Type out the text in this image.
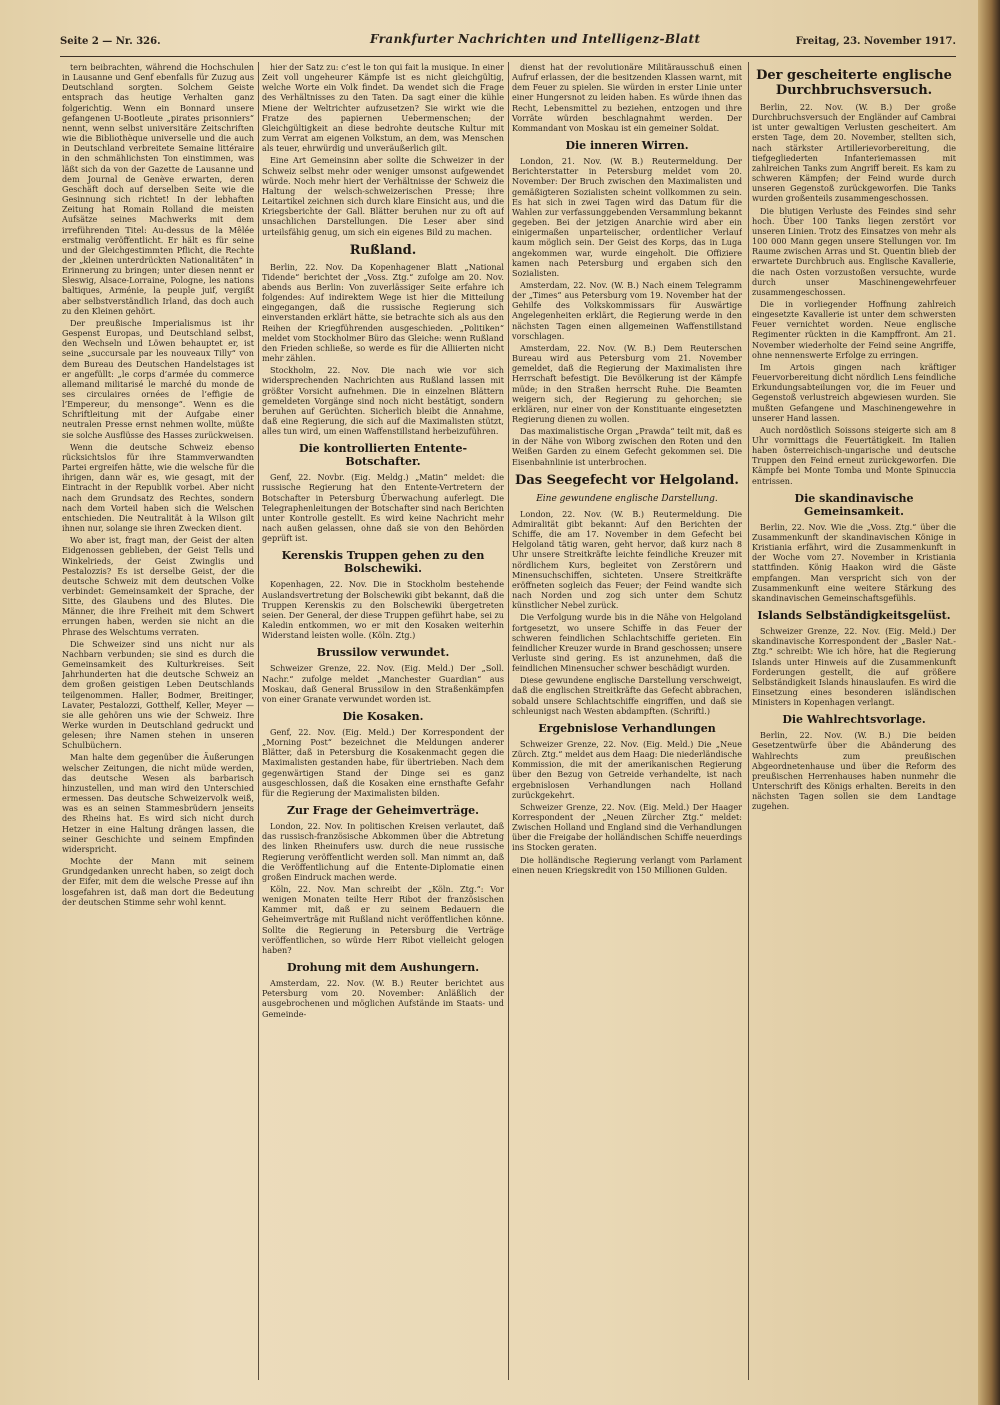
Seite 2 — Nr. 326.	Frankfurter Nachrichten und Intelligenz-Blatt	Freitag, 23. November 1917.

tern beibrachten, während die Hochschulen in Lausanne und Genf ebenfalls für Zuzug aus Deutschland sorgten. Solchem Geiste entsprach das heutige Verhalten ganz folgerichtig. Wenn ein Bonnard unsere gefangenen U-Bootleute „pirates prisonniers“ nennt, wenn selbst universitäre Zeitschriften wie die Bibliothèque universelle und die auch in Deutschland verbreitete Semaine littéraire in den schmählichsten Ton einstimmen, was läßt sich da von der Gazette de Lausanne und dem Journal de Genève erwarten, deren Geschäft doch auf derselben Seite wie die Gesinnung sich richtet! In der lebhaften Zeitung hat Romain Rolland die meisten Aufsätze seines Machwerks mit dem irreführenden Titel: Au-dessus de la Mêlée erstmalig veröffentlicht. Er hält es für seine und der Gleichgestimmten Pflicht, die Rechte der „kleinen unterdrückten Nationalitäten“ in Erinnerung zu bringen; unter diesen nennt er Sleswig, Alsace-Lorraine, Pologne, les nations baltiques, Arménie, la peuple juif, vergißt aber selbstverständlich Irland, das doch auch zu den Kleinen gehört.

Der preußische Imperialismus ist ihr Gespenst Europas, und Deutschland selbst, den Wechseln und Löwen behauptet er, ist seine „succursale par les nouveaux Tilly“ von dem Bureau des Deutschen Handelstages ist er angefüllt: „le corps d’armée du commerce allemand militarisé le marché du monde de ses circulaires ornées de l’effigie de l’Empereur, du mensonge“. Wenn es die Schriftleitung mit der Aufgabe einer neutralen Presse ernst nehmen wollte, müßte sie solche Ausflüsse des Hasses zurückweisen.

Wenn die deutsche Schweiz ebenso rücksichtslos für ihre Stammverwandten Partei ergreifen hätte, wie die welsche für die ihrigen, dann wär es, wie gesagt, mit der Eintracht in der Republik vorbei. Aber nicht nach dem Grundsatz des Rechtes, sondern nach dem Vorteil haben sich die Welschen entschieden. Die Neutralität à la Wilson gilt ihnen nur, solange sie ihren Zwecken dient.

Wo aber ist, fragt man, der Geist der alten Eidgenossen geblieben, der Geist Tells und Winkelrieds, der Geist Zwinglis und Pestalozzis? Es ist derselbe Geist, der die deutsche Schweiz mit dem deutschen Volke verbindet: Gemeinsamkeit der Sprache, der Sitte, des Glaubens und des Blutes. Die Männer, die ihre Freiheit mit dem Schwert errungen haben, werden sie nicht an die Phrase des Welschtums verraten.

Die Schweizer sind uns nicht nur als Nachbarn verbunden; sie sind es durch die Gemeinsamkeit des Kulturkreises. Seit Jahrhunderten hat die deutsche Schweiz an dem großen geistigen Leben Deutschlands teilgenommen. Haller, Bodmer, Breitinger, Lavater, Pestalozzi, Gotthelf, Keller, Meyer — sie alle gehören uns wie der Schweiz. Ihre Werke wurden in Deutschland gedruckt und gelesen; ihre Namen stehen in unseren Schulbüchern.

Man halte dem gegenüber die Äußerungen welscher Zeitungen, die nicht müde werden, das deutsche Wesen als barbarisch hinzustellen, und man wird den Unterschied ermessen. Das deutsche Schweizervolk weiß, was es an seinen Stammesbrüdern jenseits des Rheins hat. Es wird sich nicht durch Hetzer in eine Haltung drängen lassen, die seiner Geschichte und seinem Empfinden widerspricht.

Mochte der Mann mit seinem Grundgedanken unrecht haben, so zeigt doch der Eifer, mit dem die welsche Presse auf ihn losgefahren ist, daß man dort die Bedeutung der deutschen Stimme sehr wohl kennt.

hier der Satz zu: c’est le ton qui fait la musique. In einer Zeit voll ungeheurer Kämpfe ist es nicht gleichgültig, welche Worte ein Volk findet. Da wendet sich die Frage des Verhältnisses zu den Taten. Da sagt einer die kühle Miene der Weltrichter aufzusetzen? Sie wirkt wie die Fratze des papiernen Uebermenschen; der Gleichgültigkeit an diese bedrohte deutsche Kultur mit zum Verrat am eigenen Volkstum, an dem, was Menschen als teuer, ehrwürdig und unveräußerlich gilt.

Eine Art Gemeinsinn aber sollte die Schweizer in der Schweiz selbst mehr oder weniger umsonst aufgewendet würde. Noch mehr hiert der Verhältnisse der Schweiz die Haltung der welsch-schweizerischen Presse; ihre Leitartikel zeichnen sich durch klare Einsicht aus, und die Kriegsberichte der Gall. Blätter beruhen nur zu oft auf unsachlichen Darstellungen. Die Leser aber sind urteilsfähig genug, um sich ein eigenes Bild zu machen.

Rußland.

Berlin, 22. Nov. Da Kopenhagener Blatt „National Tidende“ berichtet der „Voss. Ztg.“ zufolge am 20. Nov. abends aus Berlin: Von zuverlässiger Seite erfahre ich folgendes: Auf indirektem Wege ist hier die Mitteilung eingegangen, daß die russische Regierung sich einverstanden erklärt hätte, sie betrachte sich als aus den Reihen der Kriegführenden ausgeschieden. „Politiken“ meldet vom Stockholmer Büro das Gleiche: wenn Rußland den Frieden schließe, so werde es für die Alliierten nicht mehr zählen.

Stockholm, 22. Nov. Die nach wie vor sich widersprechenden Nachrichten aus Rußland lassen mit größter Vorsicht aufnehmen. Die in einzelnen Blättern gemeldeten Vorgänge sind noch nicht bestätigt, sondern beruhen auf Gerüchten. Sicherlich bleibt die Annahme, daß eine Regierung, die sich auf die Maximalisten stützt, alles tun wird, um einen Waffenstillstand herbeizuführen.

Die kontrollierten Entente-Botschafter.

Genf, 22. Novbr. (Eig. Meldg.) „Matin“ meldet: die russische Regierung hat den Entente-Vertretern der Botschafter in Petersburg Überwachung auferlegt. Die Telegraphenleitungen der Botschafter sind nach Berichten unter Kontrolle gestellt. Es wird keine Nachricht mehr nach außen gelassen, ohne daß sie von den Behörden geprüft ist.

Kerenskis Truppen gehen zu den Bolschewiki.

Kopenhagen, 22. Nov. Die in Stockholm bestehende Auslandsvertretung der Bolschewiki gibt bekannt, daß die Truppen Kerenskis zu den Bolschewiki übergetreten seien. Der General, der diese Truppen geführt habe, sei zu Kaledin entkommen, wo er mit den Kosaken weiterhin Widerstand leisten wolle. (Köln. Ztg.)

Brussilow verwundet.

Schweizer Grenze, 22. Nov. (Eig. Meld.) Der „Soll. Nachr.“ zufolge meldet „Manchester Guardian“ aus Moskau, daß General Brussilow in den Straßenkämpfen von einer Granate verwundet worden ist.

Die Kosaken.

Genf, 22. Nov. (Eig. Meld.) Der Korrespondent der „Morning Post“ bezeichnet die Meldungen anderer Blätter, daß in Petersburg die Kosakenmacht gegen die Maximalisten gestanden habe, für übertrieben. Nach dem gegenwärtigen Stand der Dinge sei es ganz ausgeschlossen, daß die Kosaken eine ernsthafte Gefahr für die Regierung der Maximalisten bilden.

Zur Frage der Geheimverträge.

London, 22. Nov. In politischen Kreisen verlautet, daß das russisch-französische Abkommen über die Abtretung des linken Rheinufers usw. durch die neue russische Regierung veröffentlicht werden soll. Man nimmt an, daß die Veröffentlichung auf die Entente-Diplomatie einen großen Eindruck machen werde.

Köln, 22. Nov. Man schreibt der „Köln. Ztg.“: Vor wenigen Monaten teilte Herr Ribot der französischen Kammer mit, daß er zu seinem Bedauern die Geheimverträge mit Rußland nicht veröffentlichen könne. Sollte die Regierung in Petersburg die Verträge veröffentlichen, so würde Herr Ribot vielleicht gelogen haben?

Drohung mit dem Aushungern.

Amsterdam, 22. Nov. (W. B.) Reuter berichtet aus Petersburg vom 20. November: Anläßlich der ausgebrochenen und möglichen Aufstände im Staats- und Gemeinde-

dienst hat der revolutionäre Militärausschuß einen Aufruf erlassen, der die besitzenden Klassen warnt, mit dem Feuer zu spielen. Sie würden in erster Linie unter einer Hungersnot zu leiden haben. Es würde ihnen das Recht, Lebensmittel zu beziehen, entzogen und ihre Vorräte würden beschlagnahmt werden. Der Kommandant von Moskau ist ein gemeiner Soldat.

Die inneren Wirren.

London, 21. Nov. (W. B.) Reutermeldung. Der Berichterstatter in Petersburg meldet vom 20. November: Der Bruch zwischen den Maximalisten und gemäßigteren Sozialisten scheint vollkommen zu sein. Es hat sich in zwei Tagen wird das Datum für die Wahlen zur verfassunggebenden Versammlung bekannt gegeben. Bei der jetzigen Anarchie wird aber ein einigermaßen unparteiischer, ordentlicher Verlauf kaum möglich sein. Der Geist des Korps, das in Luga angekommen war, wurde eingeholt. Die Offiziere kamen nach Petersburg und ergaben sich den Sozialisten.

Amsterdam, 22. Nov. (W. B.) Nach einem Telegramm der „Times“ aus Petersburg vom 19. November hat der Gehilfe des Volkskommissars für Auswärtige Angelegenheiten erklärt, die Regierung werde in den nächsten Tagen einen allgemeinen Waffenstillstand vorschlagen.

Amsterdam, 22. Nov. (W. B.) Dem Reuterschen Bureau wird aus Petersburg vom 21. November gemeldet, daß die Regierung der Maximalisten ihre Herrschaft befestigt. Die Bevölkerung ist der Kämpfe müde; in den Straßen herrscht Ruhe. Die Beamten weigern sich, der Regierung zu gehorchen; sie erklären, nur einer von der Konstituante eingesetzten Regierung dienen zu wollen.

Das maximalistische Organ „Prawda“ teilt mit, daß es in der Nähe von Wiborg zwischen den Roten und den Weißen Garden zu einem Gefecht gekommen sei. Die Eisenbahnlinie ist unterbrochen.

Das Seegefecht vor Helgoland.
Eine gewundene englische Darstellung.

London, 22. Nov. (W. B.) Reutermeldung. Die Admiralität gibt bekannt: Auf den Berichten der Schiffe, die am 17. November in dem Gefecht bei Helgoland tätig waren, geht hervor, daß kurz nach 8 Uhr unsere Streitkräfte leichte feindliche Kreuzer mit nördlichem Kurs, begleitet von Zerstörern und Minensuchschiffen, sichteten. Unsere Streitkräfte eröffneten sogleich das Feuer; der Feind wandte sich nach Norden und zog sich unter dem Schutz künstlicher Nebel zurück.

Die Verfolgung wurde bis in die Nähe von Helgoland fortgesetzt, wo unsere Schiffe in das Feuer der schweren feindlichen Schlachtschiffe gerieten. Ein feindlicher Kreuzer wurde in Brand geschossen; unsere Verluste sind gering. Es ist anzunehmen, daß die feindlichen Minensucher schwer beschädigt wurden.

Diese gewundene englische Darstellung verschweigt, daß die englischen Streitkräfte das Gefecht abbrachen, sobald unsere Schlachtschiffe eingriffen, und daß sie schleunigst nach Westen abdampften. (Schriftl.)

Ergebnislose Verhandlungen

Schweizer Grenze, 22. Nov. (Eig. Meld.) Die „Neue Zürch. Ztg.“ meldet aus dem Haag: Die niederländische Kommission, die mit der amerikanischen Regierung über den Bezug von Getreide verhandelte, ist nach ergebnislosen Verhandlungen nach Holland zurückgekehrt.

Schweizer Grenze, 22. Nov. (Eig. Meld.) Der Haager Korrespondent der „Neuen Zürcher Ztg.“ meldet: Zwischen Holland und England sind die Verhandlungen über die Freigabe der holländischen Schiffe neuerdings ins Stocken geraten.

Die holländische Regierung verlangt vom Parlament einen neuen Kriegskredit von 150 Millionen Gulden.

Der gescheiterte englische Durchbruchsversuch.

Berlin, 22. Nov. (W. B.) Der große Durchbruchsversuch der Engländer auf Cambrai ist unter gewaltigen Verlusten gescheitert. Am ersten Tage, dem 20. November, stellten sich, nach stärkster Artillerievorbereitung, die tiefgegliederten Infanteriemassen mit zahlreichen Tanks zum Angriff bereit. Es kam zu schweren Kämpfen; der Feind wurde durch unseren Gegenstoß zurückgeworfen. Die Tanks wurden großenteils zusammengeschossen.

Die blutigen Verluste des Feindes sind sehr hoch. Über 100 Tanks liegen zerstört vor unseren Linien. Trotz des Einsatzes von mehr als 100 000 Mann gegen unsere Stellungen vor. Im Raume zwischen Arras und St. Quentin blieb der erwartete Durchbruch aus. Englische Kavallerie, die nach Osten vorzustoßen versuchte, wurde durch unser Maschinengewehrfeuer zusammengeschossen.

Die in vorliegender Hoffnung zahlreich eingesetzte Kavallerie ist unter dem schwersten Feuer vernichtet worden. Neue englische Regimenter rückten in die Kampffront. Am 21. November wiederholte der Feind seine Angriffe, ohne nennenswerte Erfolge zu erringen.

Im Artois gingen nach kräftiger Feuervorbereitung dicht nördlich Lens feindliche Erkundungsabteilungen vor, die im Feuer und Gegenstoß verlustreich abgewiesen wurden. Sie mußten Gefangene und Maschinengewehre in unserer Hand lassen.

Auch nordöstlich Soissons steigerte sich am 8 Uhr vormittags die Feuertätigkeit. Im Italien haben österreichisch-ungarische und deutsche Truppen den Feind erneut zurückgeworfen. Die Kämpfe bei Monte Tomba und Monte Spinuccia entrissen.

Die skandinavische Gemeinsamkeit.

Berlin, 22. Nov. Wie die „Voss. Ztg.“ über die Zusammenkunft der skandinavischen Könige in Kristiania erfährt, wird die Zusammenkunft in der Woche vom 27. November in Kristiania stattfinden. König Haakon wird die Gäste empfangen. Man verspricht sich von der Zusammenkunft eine weitere Stärkung des skandinavischen Gemeinschaftsgefühls.

Islands Selbständigkeitsgelüst.

Schweizer Grenze, 22. Nov. (Eig. Meld.) Der skandinavische Korrespondent der „Basler Nat.-Ztg.“ schreibt: Wie ich höre, hat die Regierung Islands unter Hinweis auf die Zusammenkunft Forderungen gestellt, die auf größere Selbständigkeit Islands hinauslaufen. Es wird die Einsetzung eines besonderen isländischen Ministers in Kopenhagen verlangt.

Die Wahlrechtsvorlage.

Berlin, 22. Nov. (W. B.) Die beiden Gesetzentwürfe über die Abänderung des Wahlrechts zum preußischen Abgeordnetenhause und über die Reform des preußischen Herrenhauses haben nunmehr die Unterschrift des Königs erhalten. Bereits in den nächsten Tagen sollen sie dem Landtage zugehen.
